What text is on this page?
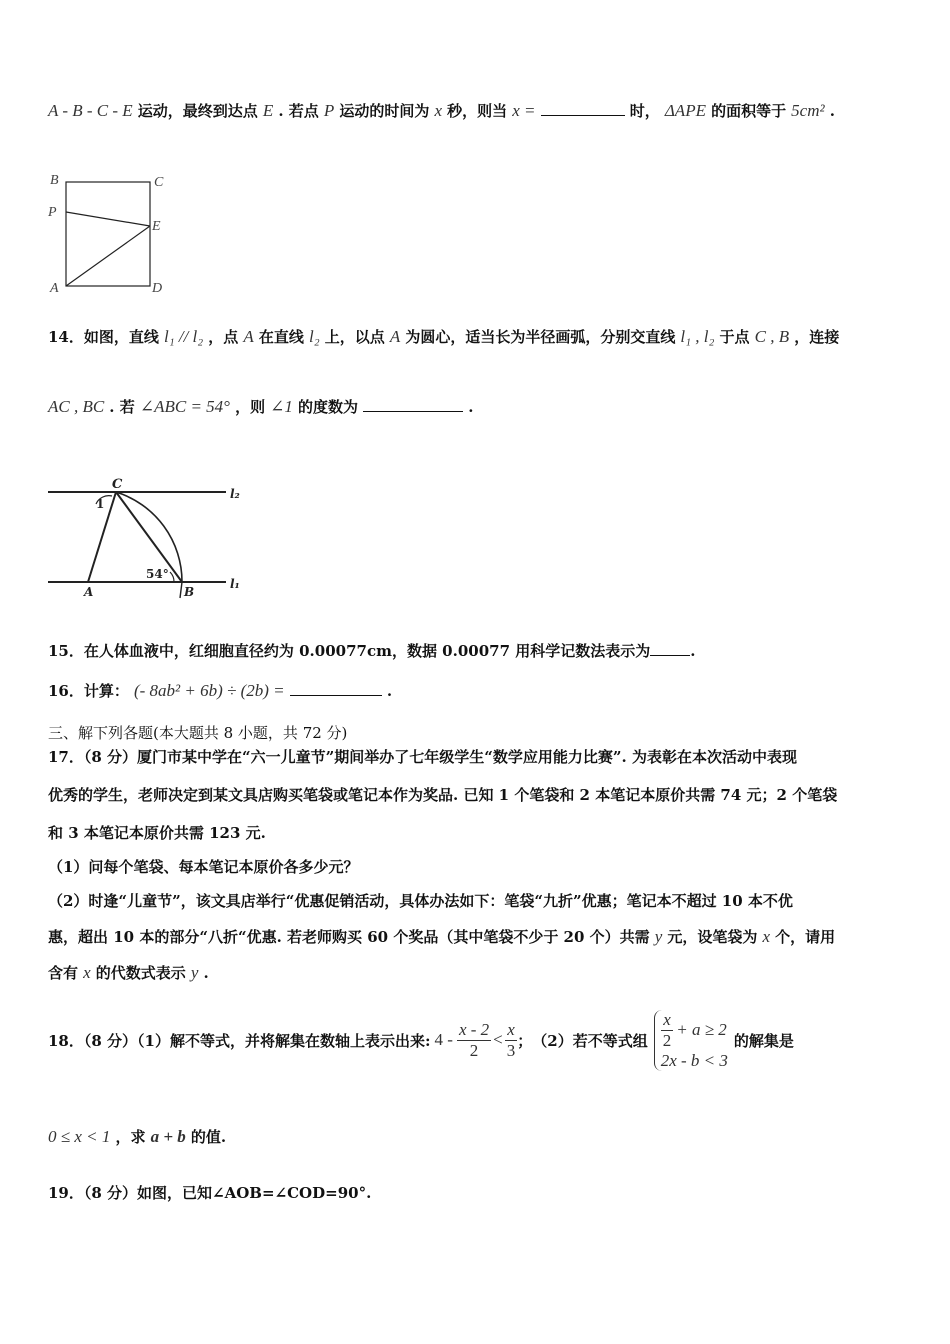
A - B - C - E 运动，最终到达点 E . 若点 P 运动的时间为 x 秒，则当 x =	时， ΔAPE 的面积等于 5cm² .
B	C
P
E
A	D
14．如图，直线 l₁ // l₂ ，点 A 在直线 l₂ 上，以点 A 为圆心，适当长为半径画弧，分别交直线 l₁ , l₂ 于点 C , B ，连接
AC , BC . 若 ∠ABC = 54° ，则 ∠1 的度数为	.
C
l₂
1
54°
A	B
l₁
15．在人体血液中，红细胞直径约为 0.00077cm，数据 0.00077 用科学记数法表示为	.
16．计算： (- 8ab² + 6b) ÷ (2b) =	.
三、解下列各题(本大题共 8 小题，共 72 分)
17．（8 分）厦门市某中学在“六一儿童节”期间举办了七年级学生“数学应用能力比赛”. 为表彰在本次活动中表现
优秀的学生，老师决定到某文具店购买笔袋或笔记本作为奖品. 已知 1 个笔袋和 2 本笔记本原价共需 74 元；2 个笔袋
和 3 本笔记本原价共需 123 元.
（1）问每个笔袋、每本笔记本原价各多少元？
（2）时逢“儿童节”，该文具店举行“优惠促销活动，具体办法如下：笔袋“九折”优惠；笔记本不超过 10 本不优
惠，超出 10 本的部分“八折“优惠. 若老师购买 60 个奖品（其中笔袋不少于 20 个）共需 y 元，设笔袋为 x 个，请用
含有 x 的代数式表示 y .
18．（8 分）（1）解不等式，并将解集在数轴上表示出来: $4 - \frac{x - 2}{2} < \frac{x}{3}$ ； （2）若不等式组 $\frac{x}{2} + a \ge 2$
2x - b < 3
的解集是
0 ≤ x < 1 ，求 a + b 的值.
19．（8 分）如图，已知∠AOB=∠COD=90°.
